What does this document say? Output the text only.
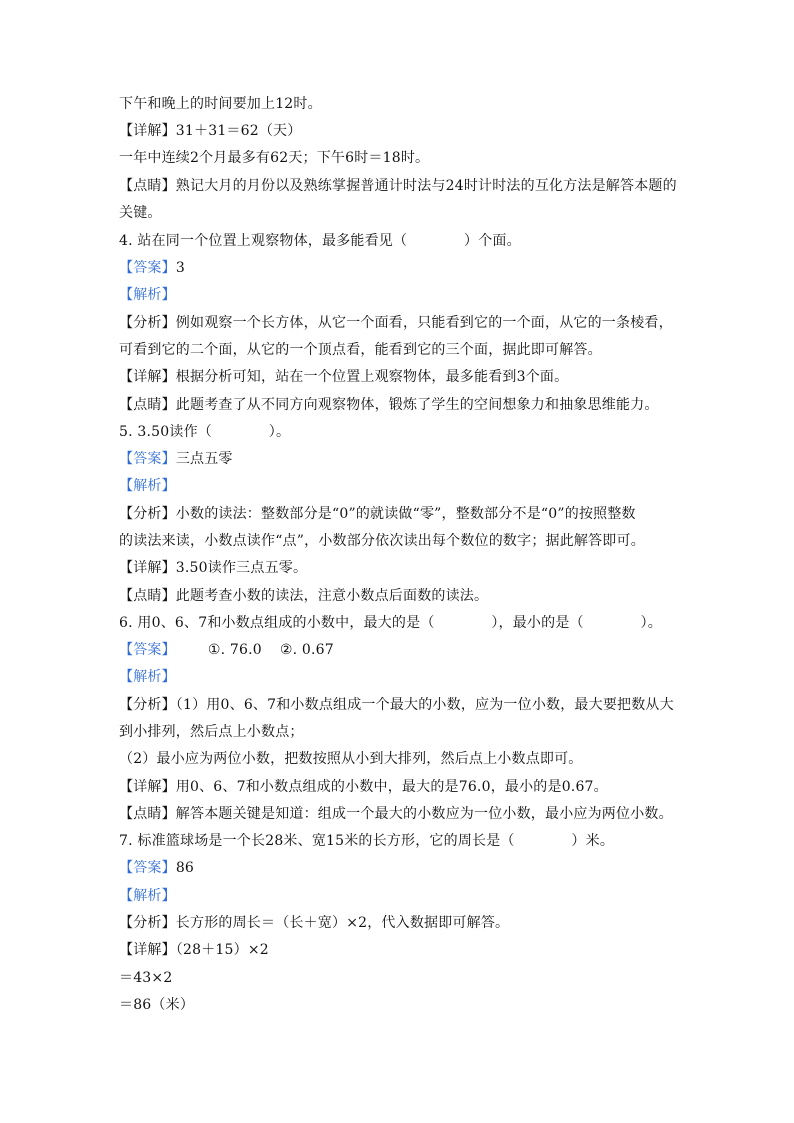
下午和晚上的时间要加上12时。
【详解】31＋31＝62（天）
一年中连续2个月最多有62天；下午6时＝18时。
【点睛】熟记大月的月份以及熟练掌握普通计时法与24时计时法的互化方法是解答本题的
关键。
4. 站在同一个位置上观察物体，最多能看见（　　　　）个面。
【答案】3
【解析】
【分析】例如观察一个长方体，从它一个面看，只能看到它的一个面，从它的一条棱看，
可看到它的二个面，从它的一个顶点看，能看到它的三个面，据此即可解答。
【详解】根据分析可知，站在一个位置上观察物体，最多能看到3个面。
【点睛】此题考查了从不同方向观察物体，锻炼了学生的空间想象力和抽象思维能力。
5. 3.50读作（　　　　）。
【答案】三点五零
【解析】
【分析】小数的读法：整数部分是“0”的就读做“零”，整数部分不是“0”的按照整数
的读法来读，小数点读作“点”，小数部分依次读出每个数位的数字；据此解答即可。
【详解】3.50读作三点五零。
【点睛】此题考查小数的读法，注意小数点后面数的读法。
6. 用0、6、7和小数点组成的小数中，最大的是（　　　　），最小的是（　　　　）。
【答案】 ①. 76.0 ②. 0.67
【解析】
【分析】（1）用0、6、7和小数点组成一个最大的小数，应为一位小数，最大要把数从大
到小排列，然后点上小数点；
（2）最小应为两位小数，把数按照从小到大排列，然后点上小数点即可。
【详解】用0、6、7和小数点组成的小数中，最大的是76.0，最小的是0.67。
【点睛】解答本题关键是知道：组成一个最大的小数应为一位小数，最小应为两位小数。
7. 标准篮球场是一个长28米、宽15米的长方形，它的周长是（　　　　）米。
【答案】86
【解析】
【分析】长方形的周长＝（长＋宽）×2，代入数据即可解答。
【详解】（28＋15）×2
＝43×2
＝86（米）
